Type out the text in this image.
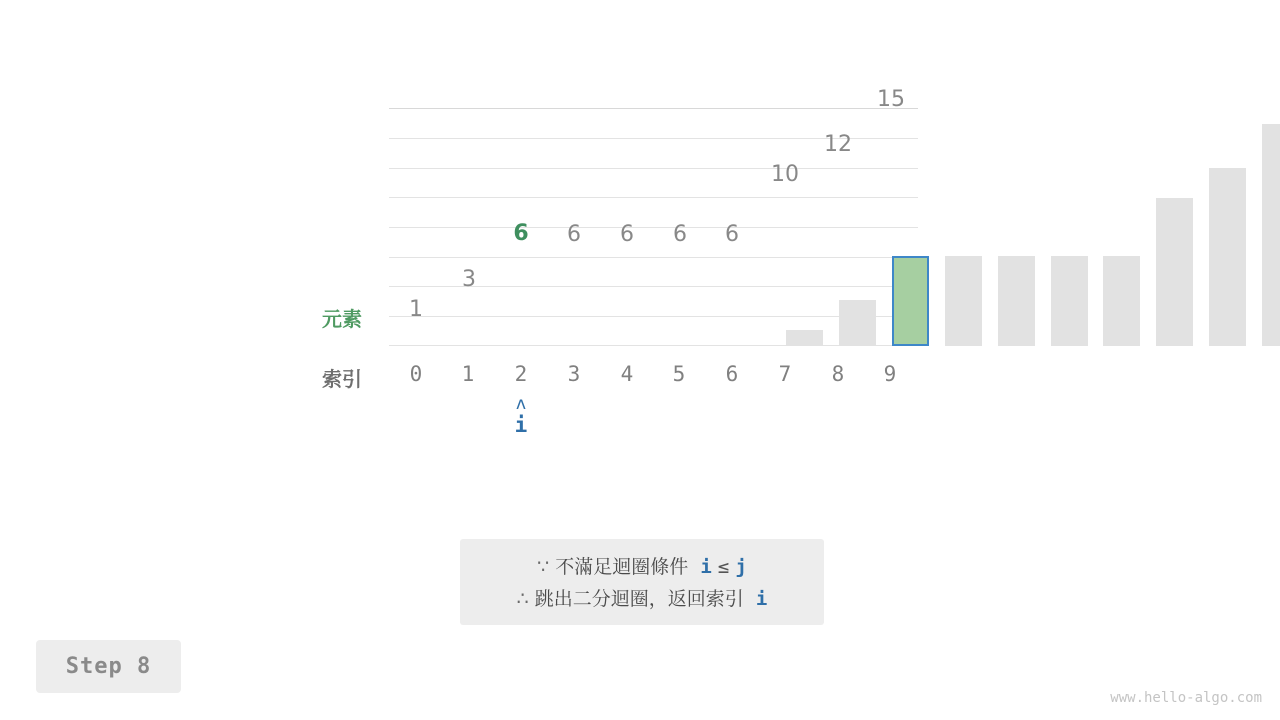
1
3
6	6	6	6	6
10
12
15
元素
索引	0	1	2	3	4	5	6	7	8	9
ʌ
i
∵ 不滿足迴圈條件 i ≤ j
∴ 跳出二分迴圈，返回索引 i
Step 8
www.hello-algo.com
